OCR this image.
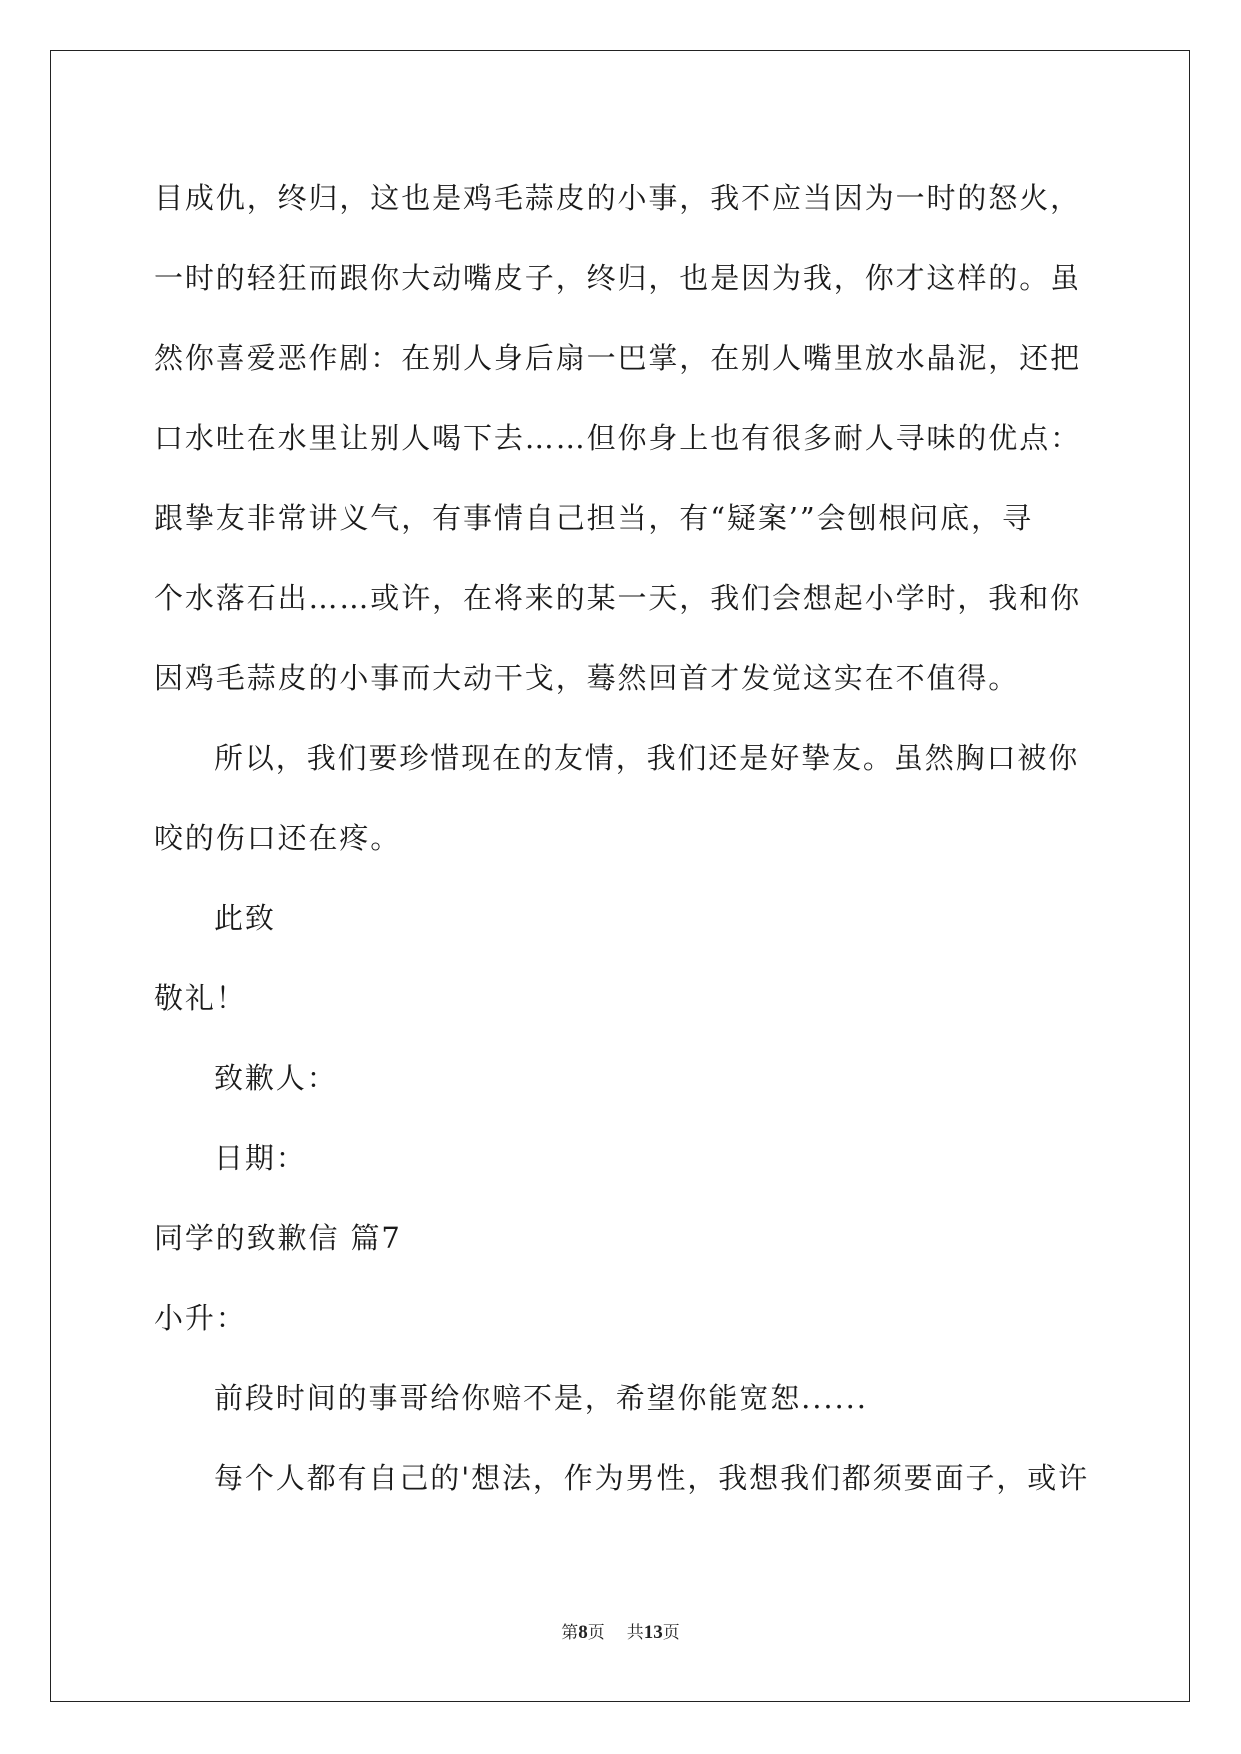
目成仇，终归，这也是鸡毛蒜皮的小事，我不应当因为一时的怒火，

一时的轻狂而跟你大动嘴皮子，终归，也是因为我，你才这样的。虽

然你喜爱恶作剧：在别人身后扇一巴掌，在别人嘴里放水晶泥，还把

口水吐在水里让别人喝下去……但你身上也有很多耐人寻味的优点：

跟挚友非常讲义气，有事情自己担当，有“疑案’”会刨根问底，寻

个水落石出……或许，在将来的某一天，我们会想起小学时，我和你

因鸡毛蒜皮的小事而大动干戈，蓦然回首才发觉这实在不值得。

所以，我们要珍惜现在的友情，我们还是好挚友。虽然胸口被你

咬的伤口还在疼。

此致

敬礼！

致歉人：

日期：

同学的致歉信 篇7

小升：

前段时间的事哥给你赔不是，希望你能宽恕......

每个人都有自己的'想法，作为男性，我想我们都须要面子，或许

第8页 共13页
